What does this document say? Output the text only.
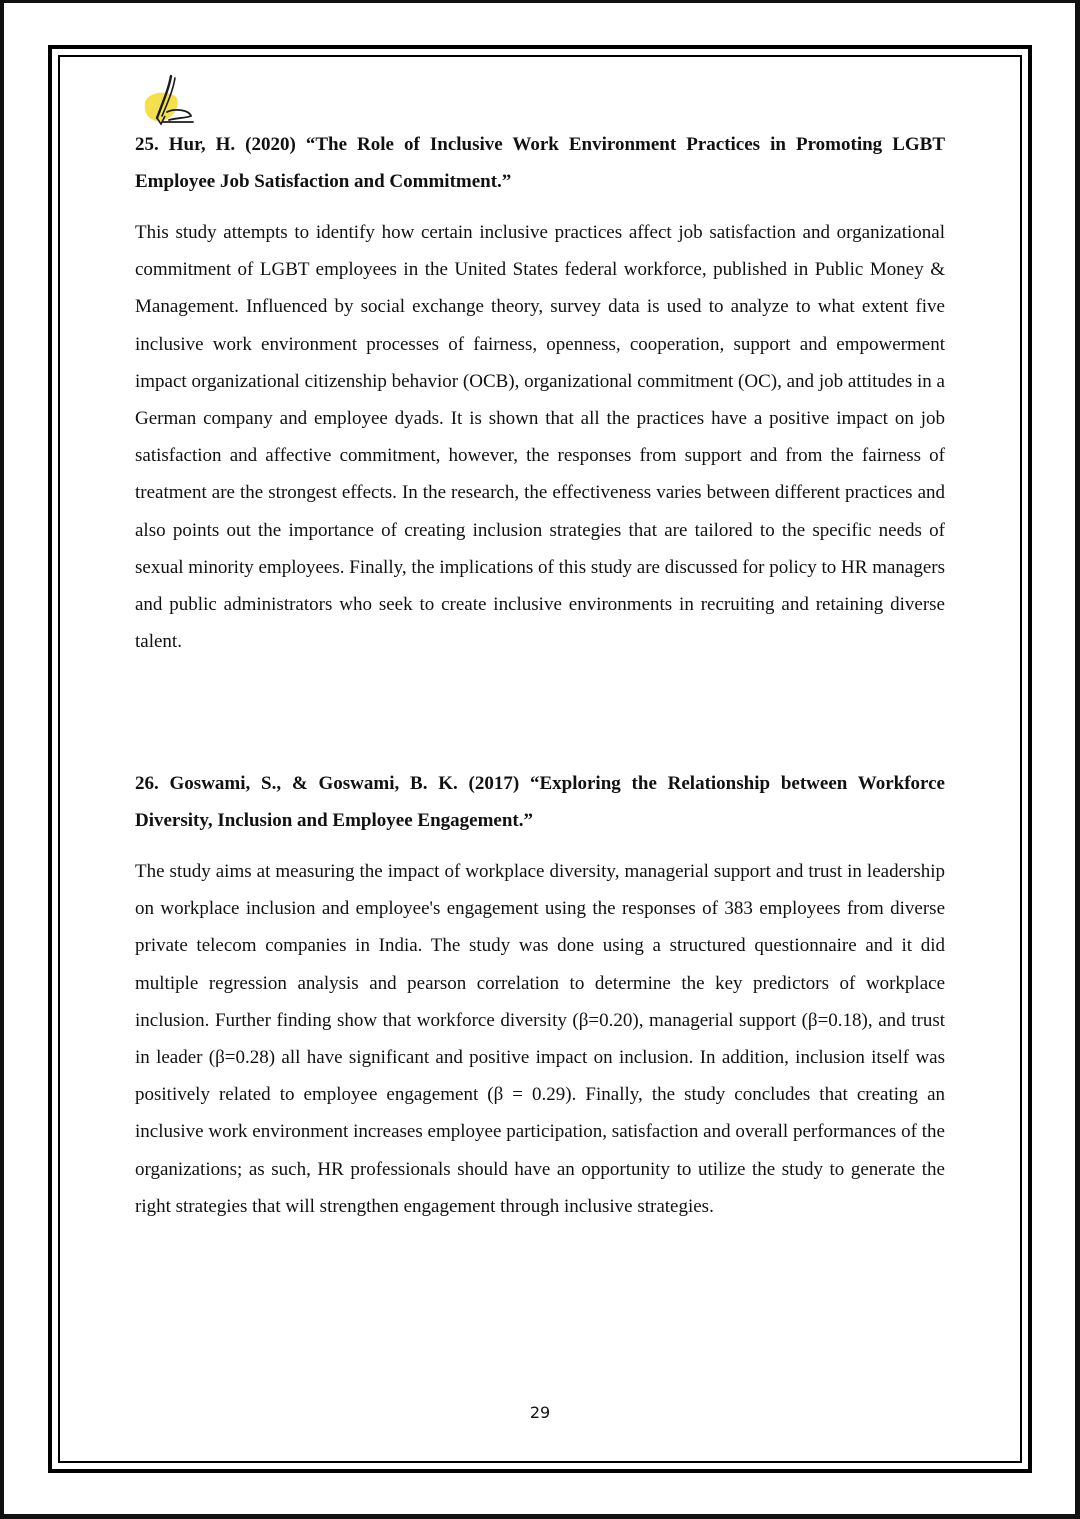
25. Hur, H. (2020) “The Role of Inclusive Work Environment Practices in Promoting LGBT Employee Job Satisfaction and Commitment.”

This study attempts to identify how certain inclusive practices affect job satisfaction and organizational commitment of LGBT employees in the United States federal workforce, published in Public Money & Management. Influenced by social exchange theory, survey data is used to analyze to what extent five inclusive work environment processes of fairness, openness, cooperation, support and empowerment impact organizational citizenship behavior (OCB), organizational commitment (OC), and job attitudes in a German company and employee dyads. It is shown that all the practices have a positive impact on job satisfaction and affective commitment, however, the responses from support and from the fairness of treatment are the strongest effects. In the research, the effectiveness varies between different practices and also points out the importance of creating inclusion strategies that are tailored to the specific needs of sexual minority employees. Finally, the implications of this study are discussed for policy to HR managers and public administrators who seek to create inclusive environments in recruiting and retaining diverse talent.

26. Goswami, S., & Goswami, B. K. (2017) “Exploring the Relationship between Workforce Diversity, Inclusion and Employee Engagement.”

The study aims at measuring the impact of workplace diversity, managerial support and trust in leadership on workplace inclusion and employee's engagement using the responses of 383 employees from diverse private telecom companies in India. The study was done using a structured questionnaire and it did multiple regression analysis and pearson correlation to determine the key predictors of workplace inclusion. Further finding show that workforce diversity (β=0.20), managerial support (β=0.18), and trust in leader (β=0.28) all have significant and positive impact on inclusion. In addition, inclusion itself was positively related to employee engagement (β = 0.29). Finally, the study concludes that creating an inclusive work environment increases employee participation, satisfaction and overall performances of the organizations; as such, HR professionals should have an opportunity to utilize the study to generate the right strategies that will strengthen engagement through inclusive strategies.

29
